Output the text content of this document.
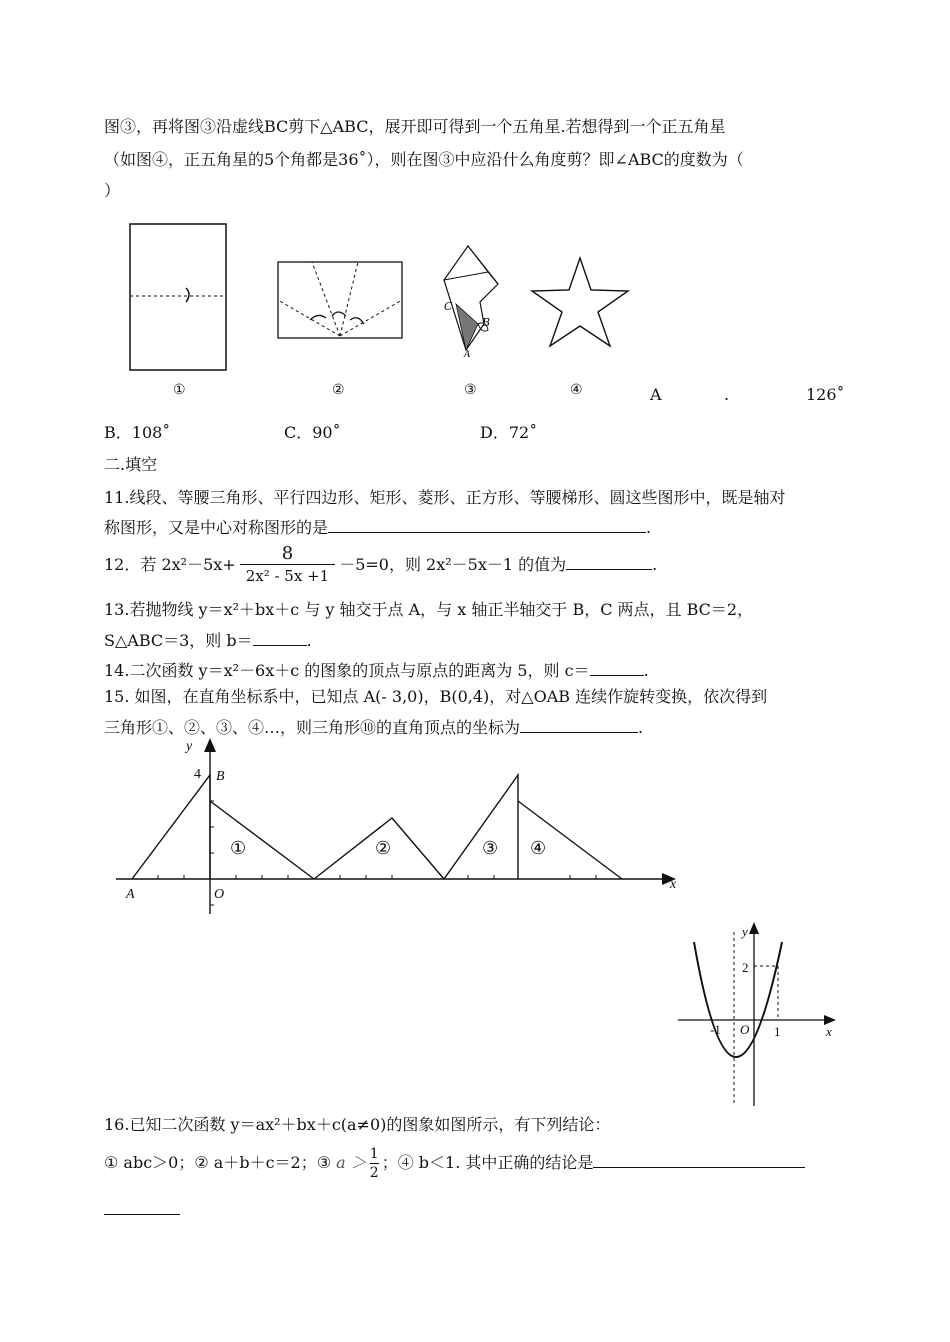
图③，再将图③沿虚线BC剪下△ABC，展开即可得到一个五角星.若想得到一个正五角星
（如图④，正五角星的5个角都是36˚），则在图③中应沿什么角度剪？即∠ABC的度数为（
）
C
B
A
①	②	③	④	A	.	126˚
B．108˚	C．90˚	D．72˚
二.填空
11.线段、等腰三角形、平行四边形、矩形、菱形、正方形、等腰梯形、圆这些图形中，既是轴对
称图形，又是中心对称图形的是	.
12．若 $2x^2-5x+ \frac{8}{\text{2x² - 5x +1}} -5=0$，则 2x²－5x－1 的值为	.
13.若抛物线 y＝x²＋bx＋c 与 y 轴交于点 A，与 x 轴正半轴交于 B，C 两点，且 BC＝2，
S△ABC＝3，则 b＝	.
14.二次函数 y＝x²－6x＋c 的图象的顶点与原点的距离为 5，则 c＝	.
15. 如图，在直角坐标系中，已知点 A(- 3,0)，B(0,4)，对△OAB 连续作旋转变换，依次得到
三角形①、②、③、④…，则三角形⑩的直角顶点的坐标为	.
x
y
4 B
A	O
①	②	③ ④
x
y
2
-1 O 1
16.已知二次函数 y＝ax²＋bx＋c(a≠0)的图象如图所示，有下列结论：
① abc＞0；② a＋b＋c＝2；③ $a > \frac{1}{2}$ ；④ b＜1. 其中正确的结论是
